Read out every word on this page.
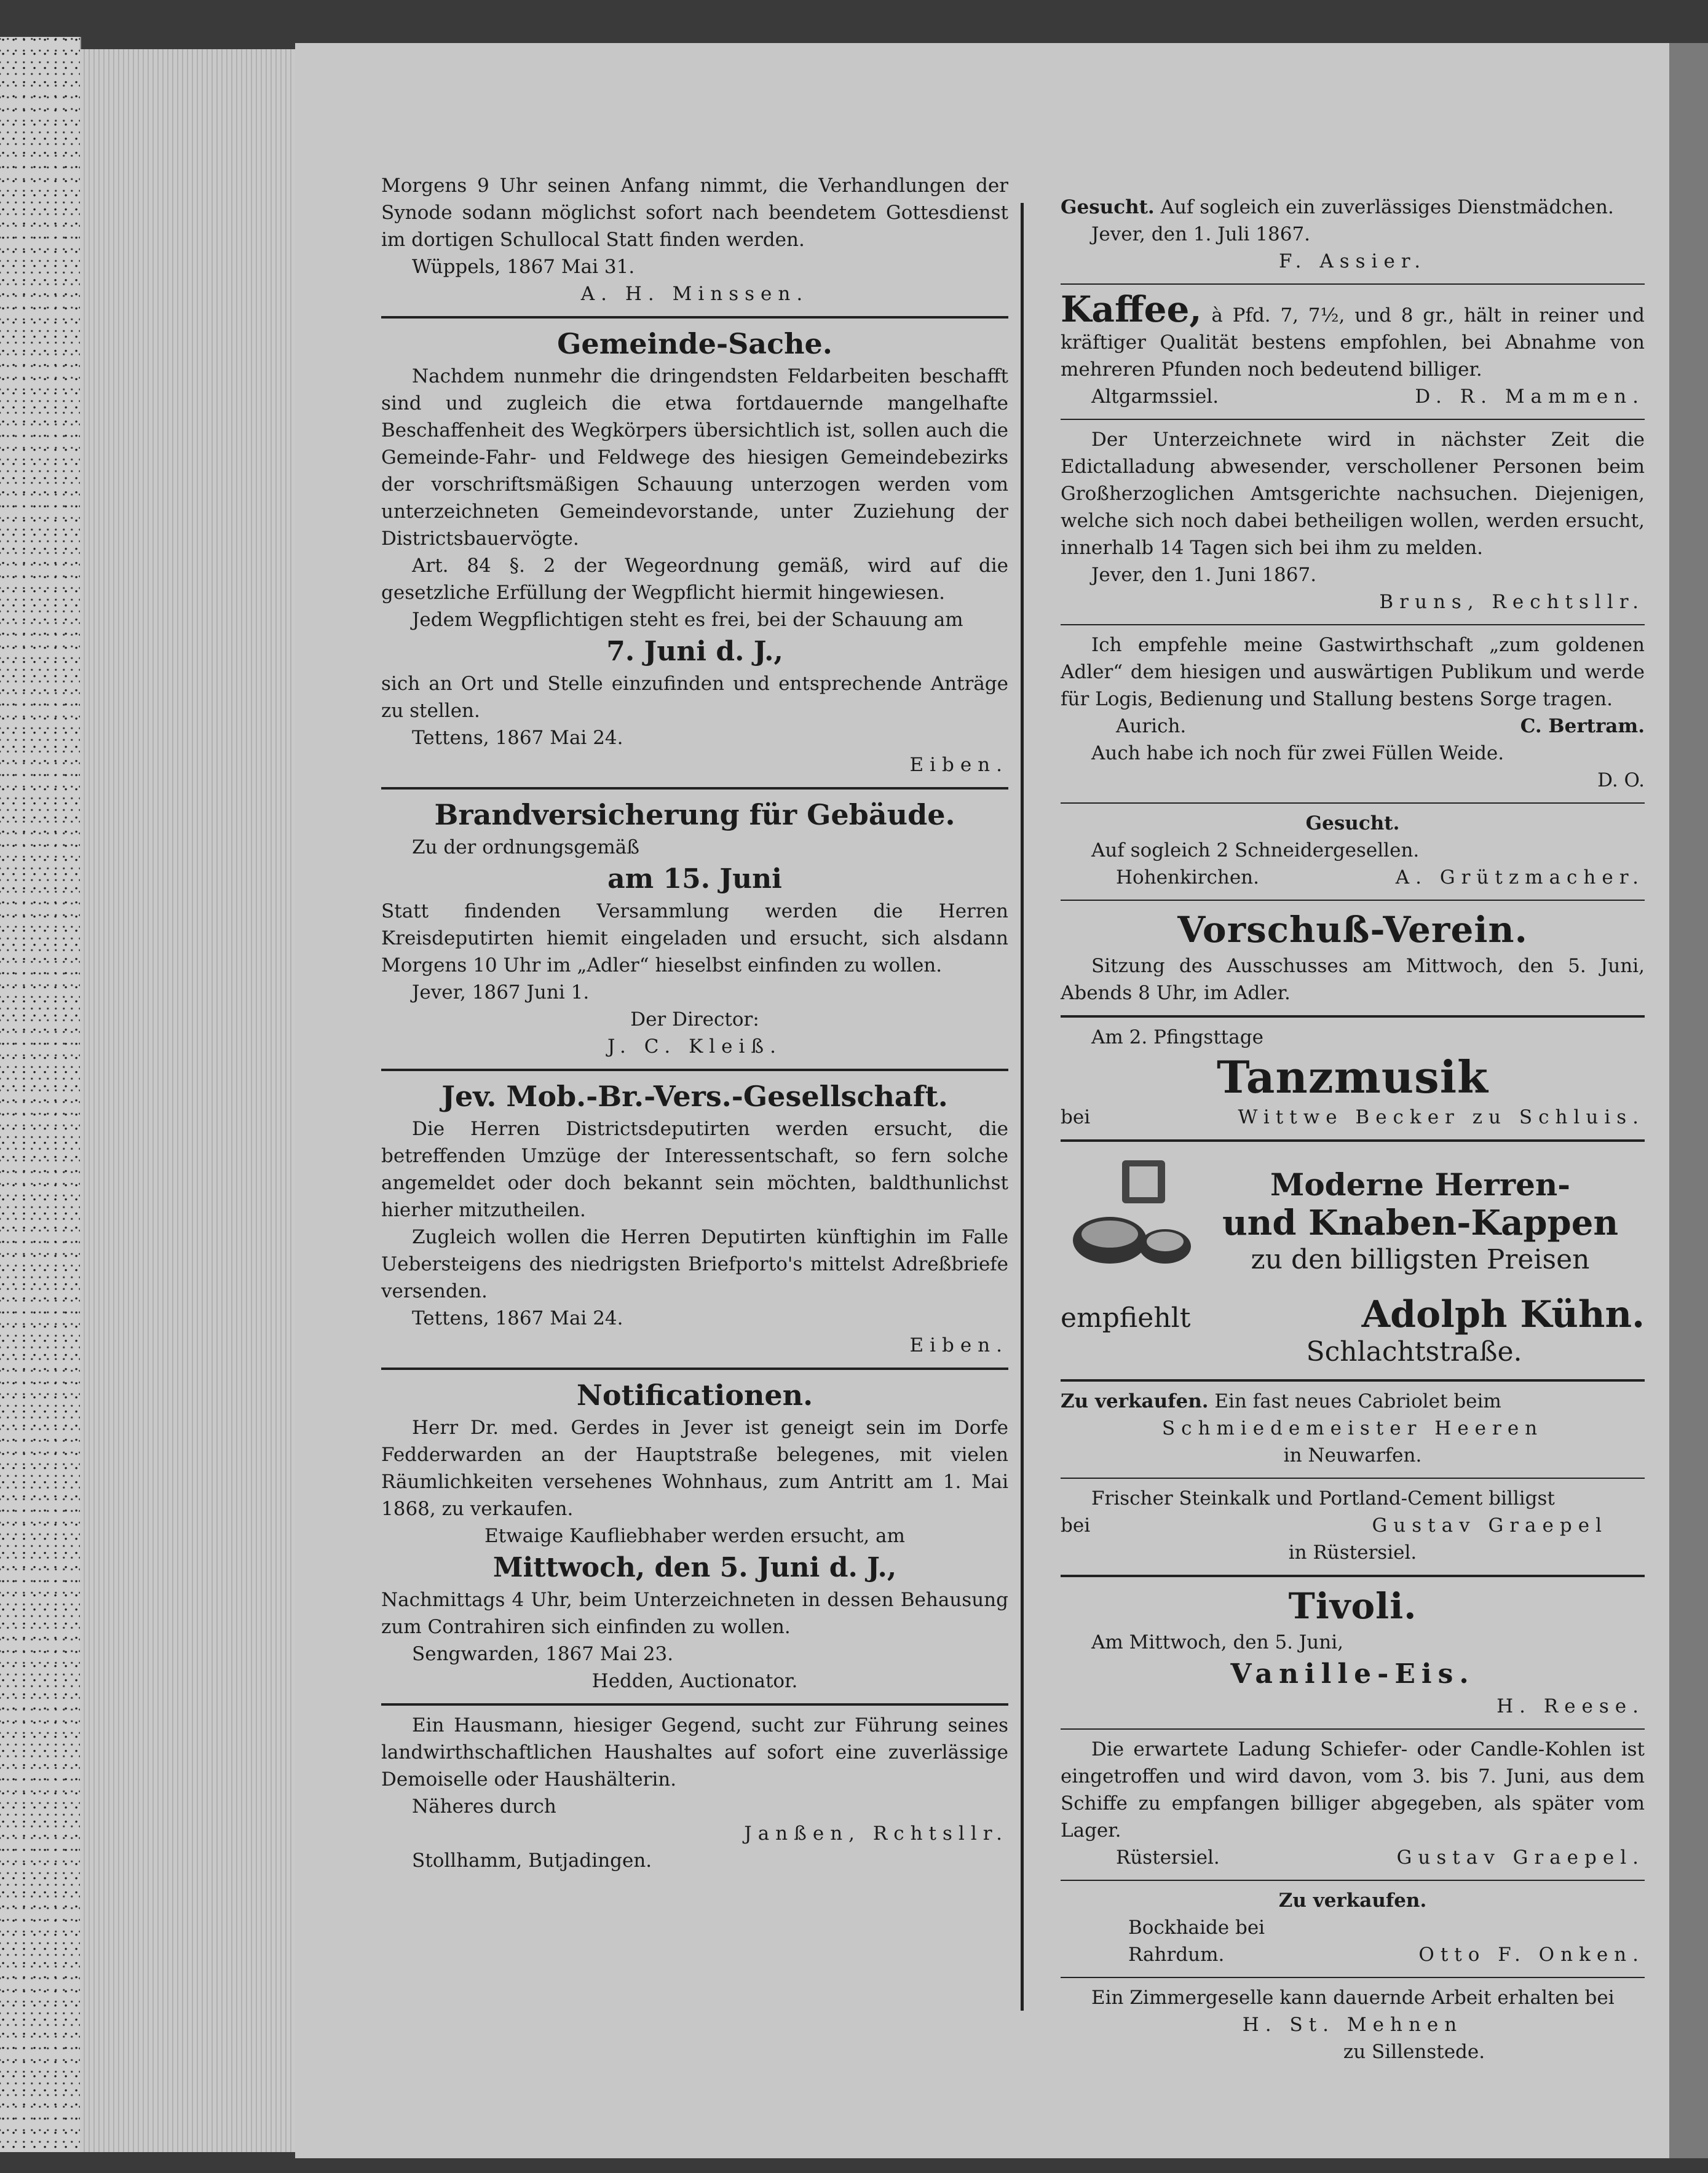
Morgens 9 Uhr seinen Anfang nimmt, die Verhandlungen der Synode sodann möglichst sofort nach beendetem Gottesdienst im dortigen Schullocal Statt finden werden.

Wüppels, 1867 Mai 31.

A. H. Minssen.

Gemeinde-Sache.

Nachdem nunmehr die dringendsten Feldarbeiten beschafft sind und zugleich die etwa fortdauernde mangelhafte Beschaffenheit des Wegkörpers übersichtlich ist, sollen auch die Gemeinde-Fahr- und Feldwege des hiesigen Gemeindebezirks der vorschriftsmäßigen Schauung unterzogen werden vom unterzeichneten Gemeindevorstande, unter Zuziehung der Districtsbauervögte.

Art. 84 §. 2 der Wegeordnung gemäß, wird auf die gesetzliche Erfüllung der Wegpflicht hiermit hingewiesen.

Jedem Wegpflichtigen steht es frei, bei der Schauung am

7. Juni d. J.,

sich an Ort und Stelle einzufinden und entsprechende Anträge zu stellen.

Tettens, 1867 Mai 24.

Eiben.

Brandversicherung für Gebäude.

Zu der ordnungsgemäß

am 15. Juni

Statt findenden Versammlung werden die Herren Kreisdeputirten hiemit eingeladen und ersucht, sich alsdann Morgens 10 Uhr im „Adler“ hieselbst einfinden zu wollen.

Jever, 1867 Juni 1.

Der Director:

J. C. Kleiß.

Jev. Mob.-Br.-Vers.-Gesellschaft.

Die Herren Districtsdeputirten werden ersucht, die betreffenden Umzüge der Interessentschaft, so fern solche angemeldet oder doch bekannt sein möchten, baldthunlichst hierher mitzutheilen.

Zugleich wollen die Herren Deputirten künftighin im Falle Uebersteigens des niedrigsten Briefporto's mittelst Adreßbriefe versenden.

Tettens, 1867 Mai 24.

Eiben.

Notificationen.

Herr Dr. med. Gerdes in Jever ist geneigt sein im Dorfe Fedderwarden an der Hauptstraße belegenes, mit vielen Räumlichkeiten versehenes Wohnhaus, zum Antritt am 1. Mai 1868, zu verkaufen.

Etwaige Kaufliebhaber werden ersucht, am

Mittwoch, den 5. Juni d. J.,

Nachmittags 4 Uhr, beim Unterzeichneten in dessen Behausung zum Contrahiren sich einfinden zu wollen.

Sengwarden, 1867 Mai 23.

Hedden, Auctionator.

Ein Hausmann, hiesiger Gegend, sucht zur Führung seines landwirthschaftlichen Haushaltes auf sofort eine zuverlässige Demoiselle oder Haushälterin.

Näheres durch

Janßen, Rchtsllr.

Stollhamm, Butjadingen.

Gesucht. Auf sogleich ein zuverlässiges Dienstmädchen.

Jever, den 1. Juli 1867.

F. Assier.

Kaffee, à Pfd. 7, 7½, und 8 gr., hält in reiner und kräftiger Qualität bestens empfohlen, bei Abnahme von mehreren Pfunden noch bedeutend billiger.

Altgarmssiel.	D. R. Mammen.

Der Unterzeichnete wird in nächster Zeit die Edictalladung abwesender, verschollener Personen beim Großherzoglichen Amtsgerichte nachsuchen. Diejenigen, welche sich noch dabei betheiligen wollen, werden ersucht, innerhalb 14 Tagen sich bei ihm zu melden.

Jever, den 1. Juni 1867.

Bruns, Rechtsllr.

Ich empfehle meine Gastwirthschaft „zum goldenen Adler“ dem hiesigen und auswärtigen Publikum und werde für Logis, Bedienung und Stallung bestens Sorge tragen.

Aurich.	C. Bertram.

Auch habe ich noch für zwei Füllen Weide.

D. O.

Gesucht.

Auf sogleich 2 Schneidergesellen.

Hohenkirchen.	A. Grützmacher.
Vorschuß-Verein.

Sitzung des Ausschusses am Mittwoch, den 5. Juni, Abends 8 Uhr, im Adler.

Am 2. Pfingsttage

Tanzmusik
bei	Wittwe Becker zu Schluis.
Moderne Herren-
und Knaben-Kappen
zu den billigsten Preisen
empfiehlt	Adolph Kühn.
Schlachtstraße.

Zu verkaufen. Ein fast neues Cabriolet beim

Schmiedemeister Heeren

in Neuwarfen.

Frischer Steinkalk und Portland-Cement billigst

bei	Gustav Graepel

in Rüstersiel.

Tivoli.

Am Mittwoch, den 5. Juni,

Vanille-Eis.

H. Reese.

Die erwartete Ladung Schiefer- oder Candle-Kohlen ist eingetroffen und wird davon, vom 3. bis 7. Juni, aus dem Schiffe zu empfangen billiger abgegeben, als später vom Lager.

Rüstersiel.	Gustav Graepel.

Zu verkaufen.

Bockhaide bei

Rahrdum.	Otto F. Onken.

Ein Zimmergeselle kann dauernde Arbeit erhalten bei

H. St. Mehnen

zu Sillenstede.
